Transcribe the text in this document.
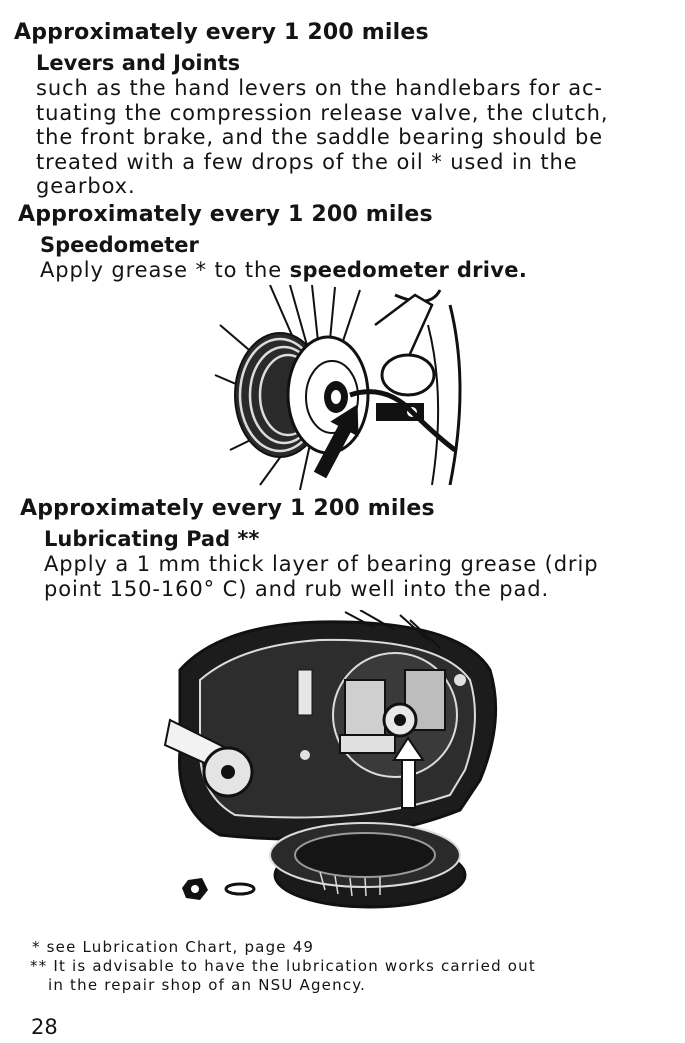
Approximately every 1 200 miles
Levers and Joints
such as the hand levers on the handlebars for ac-
tuating the compression release valve, the clutch,
the front brake, and the saddle bearing should be
treated with a few drops of the oil * used in the
gearbox.
Approximately every 1 200 miles
Speedometer
Apply grease * to the speedometer drive.
Approximately every 1 200 miles
Lubricating Pad **
Apply a 1 mm thick layer of bearing grease (drip
point 150-160° C) and rub well into the pad.
* see Lubrication Chart, page 49
** It is advisable to have the lubrication works carried out
in the repair shop of an NSU Agency.
28
